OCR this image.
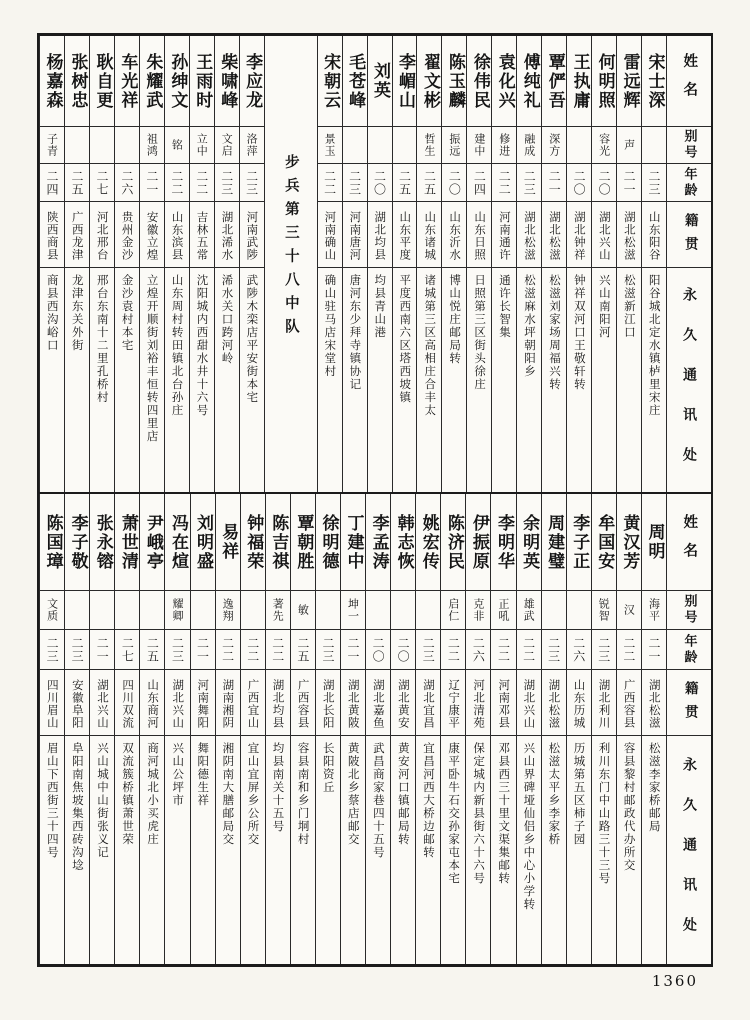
姓名
别号
年龄
籍贯
永久通讯处
宋士深
二三
山东阳谷
阳谷城北定水镇栌里宋庄
雷远辉
声
二一
湖北松滋
松滋新江口
何明照
容光
二〇
湖北兴山
兴山南阳河
王执庸
二〇
湖北钟祥
钟祥双河口王敬轩转
覃俨吾
深方
二一
湖北松滋
松滋刘家场周福兴转
傅纯礼
融成
二三
湖北松滋
松滋麻水坪朝阳乡
袁化兴
修进
二二
河南通许
通许长智集
徐伟民
建中
二四
山东日照
日照第三区街头徐庄
陈玉麟
振远
二〇
山东沂水
博山悦庄邮局转
翟文彬
哲生
二五
山东诸城
诸城第三区高相庄合丰太
李嵋山
二五
山东平度
平度西南六区塔西坡镇
刘英
二〇
湖北均县
均县青山港
毛苍峰
二三
河南唐河
唐河东少拜寺镇协记
宋朝云
景玉
二二
河南确山
确山驻马店宋堂村
步兵第三十八中队
李应龙
洛萍
二三
河南武陟
武陟木栾店平安街本宅
柴啸峰
文启
二三
湖北浠水
浠水关口跨河岭
王雨时
立中
二二
吉林五常
沈阳城内西甜水井十六号
孙绅文
铭
二二
山东滨县
山东周村转田镇北台孙庄
朱耀武
祖鸿
二一
安徽立煌
立煌开顺街刘裕丰恒转四里店
车光祥
二六
贵州金沙
金沙袁村本宅
耿自更
二七
河北邢台
邢台东南十二里孔桥村
张树忠
二五
广西龙津
龙津东关外街
杨嘉森
子青
二四
陕西商县
商县西沟峪口
姓名
别号
年龄
籍贯
永久通讯处
周明
海平
二一
湖北松滋
松滋李家桥邮局
黄汉芳
汉
二二
广西容县
容县黎村邮政代办所交
牟国安
锐智
二三
湖北利川
利川东门中山路三十三号
李子正
二六
山东历城
历城第五区柿子园
周建璧
二三
湖北松滋
松滋太平乡李家桥
余明英
雄武
二二
湖北兴山
兴山界碑垭仙侣乡中心小学转
李明华
正吼
二二
河南邓县
邓县西三十里文渠集邮转
伊振原
克非
二六
河北清苑
保定城内新县街六十六号
陈济民
启仁
二二
辽宁康平
康平卧牛石交孙家屯本宅
姚宏传
二三
湖北宜昌
宜昌河西大桥边邮转
韩志恢
二〇
湖北黄安
黄安河口镇邮局转
李孟涛
二〇
湖北嘉鱼
武昌商家巷四十五号
丁建中
坤一
二一
湖北黄陂
黄陂北乡蔡店邮交
徐明德
二三
湖北长阳
长阳资丘
覃朝胜
敏
二五
广西容县
容县南和乡门垌村
陈吉祺
著先
二二
湖北均县
均县南关十五号
钟福荣
二二
广西宜山
宜山宜屏乡公所交
易祥
逸翔
二二
湖南湘阴
湘阴南大膳邮局交
刘明盛
二一
河南舞阳
舞阳德生祥
冯在煊
耀卿
二三
湖北兴山
兴山公坪市
尹峨亭
二五
山东商河
商河城北小买虎庄
萧世清
二七
四川双流
双流簇桥镇萧世荣
张永镕
二一
湖北兴山
兴山城中山街张义记
李子敬
二三
安徽阜阳
阜阳南焦坡集西砖沟埝
陈国璋
文质
二三
四川眉山
眉山下西街三十四号
1360
